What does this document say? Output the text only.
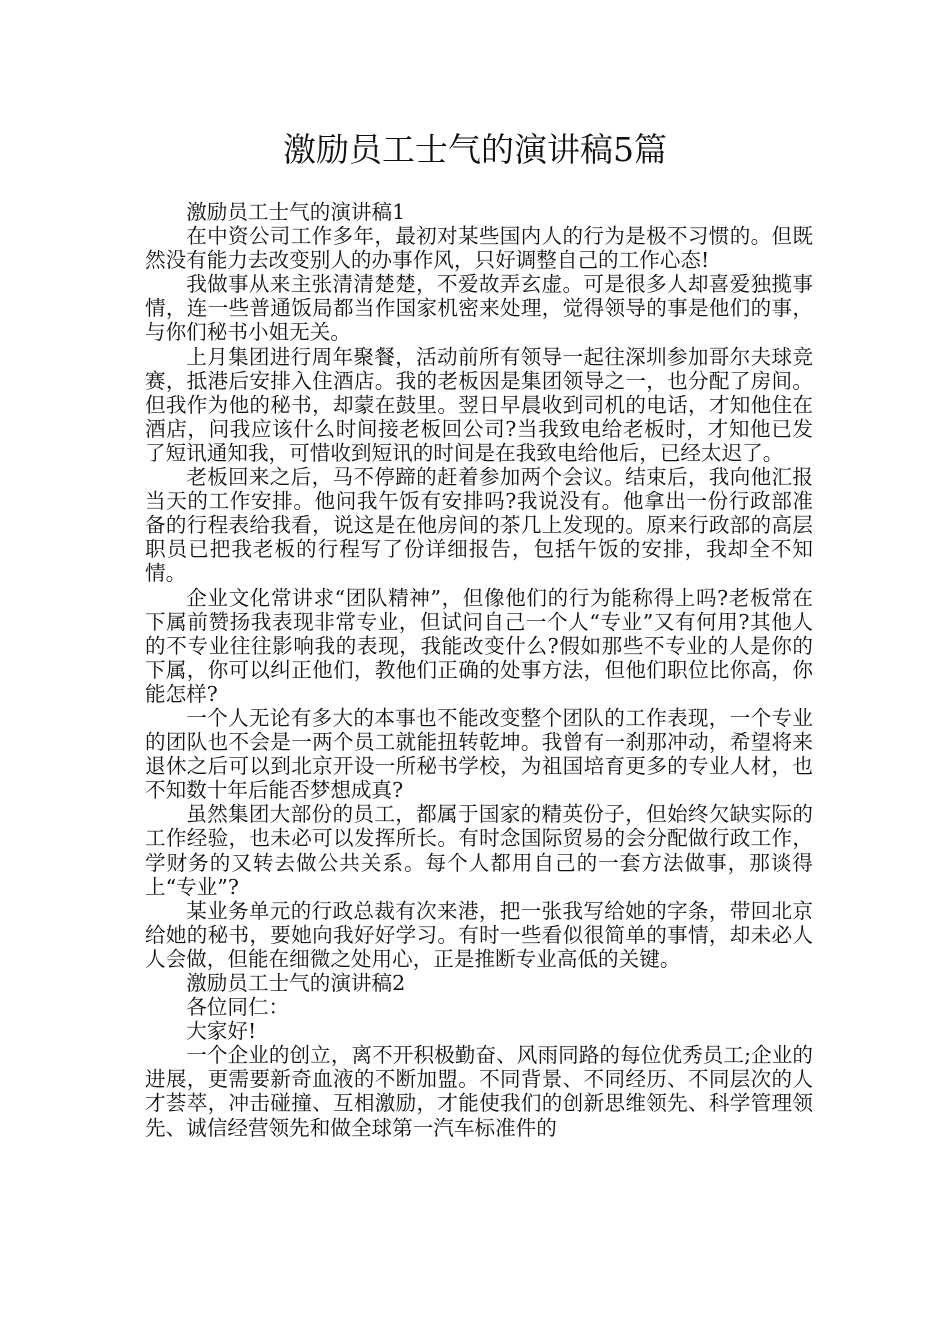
激励员工士气的演讲稿5篇

激励员工士气的演讲稿1

在中资公司工作多年，最初对某些国内人的行为是极不习惯的。但既然没有能力去改变别人的办事作风，只好调整自己的工作心态!

我做事从来主张清清楚楚，不爱故弄玄虚。可是很多人却喜爱独揽事情，连一些普通饭局都当作国家机密来处理，觉得领导的事是他们的事，与你们秘书小姐无关。

上月集团进行周年聚餐，活动前所有领导一起往深圳参加哥尔夫球竞赛，抵港后安排入住酒店。我的老板因是集团领导之一，也分配了房间。但我作为他的秘书，却蒙在鼓里。翌日早晨收到司机的电话，才知他住在酒店，问我应该什么时间接老板回公司?当我致电给老板时，才知他已发了短讯通知我，可惜收到短讯的时间是在我致电给他后，已经太迟了。

老板回来之后，马不停蹄的赶着参加两个会议。结束后，我向他汇报当天的工作安排。他问我午饭有安排吗?我说没有。他拿出一份行政部准备的行程表给我看，说这是在他房间的茶几上发现的。原来行政部的高层职员已把我老板的行程写了份详细报告，包括午饭的安排，我却全不知情。

企业文化常讲求“团队精神”，但像他们的行为能称得上吗?老板常在下属前赞扬我表现非常专业，但试问自己一个人“专业”又有何用?其他人的不专业往往影响我的表现，我能改变什么?假如那些不专业的人是你的下属，你可以纠正他们，教他们正确的处事方法，但他们职位比你高，你能怎样?

一个人无论有多大的本事也不能改变整个团队的工作表现，一个专业的团队也不会是一两个员工就能扭转乾坤。我曾有一刹那冲动，希望将来退休之后可以到北京开设一所秘书学校，为祖国培育更多的专业人材，也不知数十年后能否梦想成真?

虽然集团大部份的员工，都属于国家的精英份子，但始终欠缺实际的工作经验，也未必可以发挥所长。有时念国际贸易的会分配做行政工作，学财务的又转去做公共关系。每个人都用自己的一套方法做事，那谈得上“专业”?

某业务单元的行政总裁有次来港，把一张我写给她的字条，带回北京给她的秘书，要她向我好好学习。有时一些看似很简单的事情，却未必人人会做，但能在细微之处用心，正是推断专业高低的关键。

激励员工士气的演讲稿2

各位同仁：

大家好!

一个企业的创立，离不开积极勤奋、风雨同路的每位优秀员工;企业的进展，更需要新奇血液的不断加盟。不同背景、不同经历、不同层次的人才荟萃，冲击碰撞、互相激励，才能使我们的创新思维领先、科学管理领先、诚信经营领先和做全球第一汽车标准件的
